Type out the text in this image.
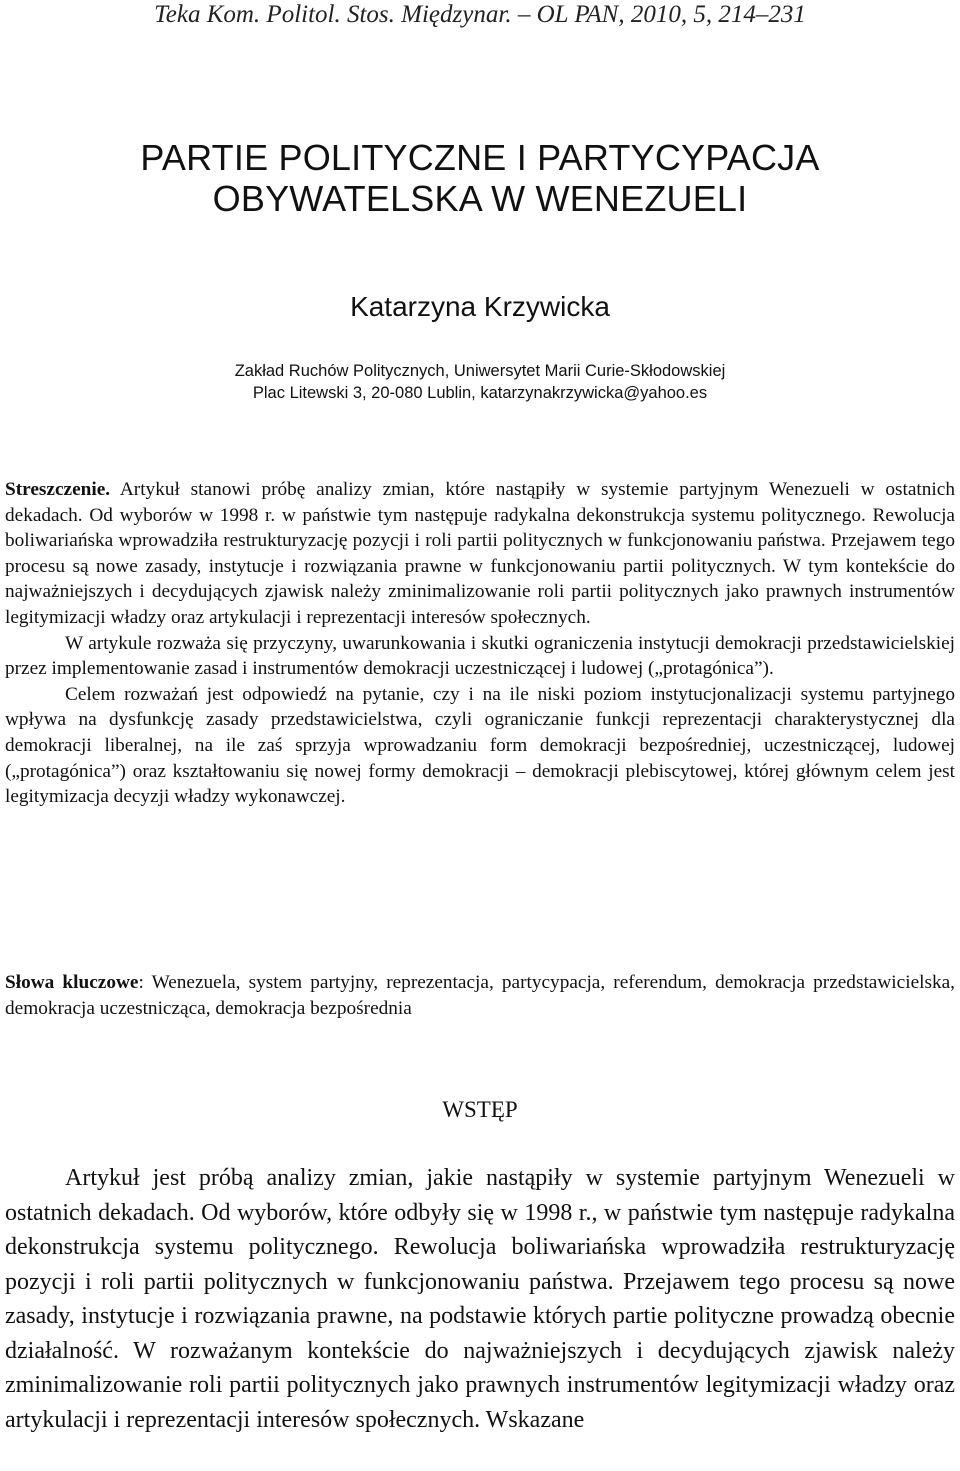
Teka Kom. Politol. Stos. Międzynar. – OL PAN, 2010, 5, 214–231
PARTIE POLITYCZNE I PARTYCYPACJA
OBYWATELSKA W WENEZUELI
Katarzyna Krzywicka
Zakład Ruchów Politycznych, Uniwersytet Marii Curie-Skłodowskiej
Plac Litewski 3, 20-080 Lublin, katarzynakrzywicka@yahoo.es

Streszczenie. Artykuł stanowi próbę analizy zmian, które nastąpiły w systemie partyjnym Wenezueli w ostatnich dekadach. Od wyborów w 1998 r. w państwie tym następuje radykalna dekonstrukcja systemu politycznego. Rewolucja boliwariańska wprowadziła restrukturyzację pozycji i roli partii politycznych w funkcjonowaniu państwa. Przejawem tego procesu są nowe zasady, instytucje i rozwiązania prawne w funkcjonowaniu partii politycznych. W tym kontekście do najważniejszych i decydujących zjawisk należy zminimalizowanie roli partii politycznych jako prawnych instrumentów legitymizacji władzy oraz artykulacji i reprezentacji interesów społecznych.

W artykule rozważa się przyczyny, uwarunkowania i skutki ograniczenia instytucji demokracji przedstawicielskiej przez implementowanie zasad i instrumentów demokracji uczestniczącej i ludowej („protagónica”).

Celem rozważań jest odpowiedź na pytanie, czy i na ile niski poziom instytucjonalizacji systemu partyjnego wpływa na dysfunkcję zasady przedstawicielstwa, czyli ograniczanie funkcji reprezentacji charakterystycznej dla demokracji liberalnej, na ile zaś sprzyja wprowadzaniu form demokracji bezpośredniej, uczestniczącej, ludowej („protagónica”) oraz kształtowaniu się nowej formy demokracji – demokracji plebiscytowej, której głównym celem jest legitymizacja decyzji władzy wykonawczej.

Słowa kluczowe: Wenezuela, system partyjny, reprezentacja, partycypacja, referendum, demokracja przedstawicielska, demokracja uczestnicząca, demokracja bezpośrednia
WSTĘP

Artykuł jest próbą analizy zmian, jakie nastąpiły w systemie partyjnym Wenezueli w ostatnich dekadach. Od wyborów, które odbyły się w 1998 r., w państwie tym następuje radykalna dekonstrukcja systemu politycznego. Rewolucja boliwariańska wprowadziła restrukturyzację pozycji i roli partii politycznych w funkcjonowaniu państwa. Przejawem tego procesu są nowe zasady, instytucje i rozwiązania prawne, na podstawie których partie polityczne prowadzą obecnie działalność. W rozważanym kontekście do najważniejszych i decydujących zjawisk należy zminimalizowanie roli partii politycznych jako prawnych instrumentów legitymizacji władzy oraz artykulacji i reprezentacji interesów społecznych. Wskazane
